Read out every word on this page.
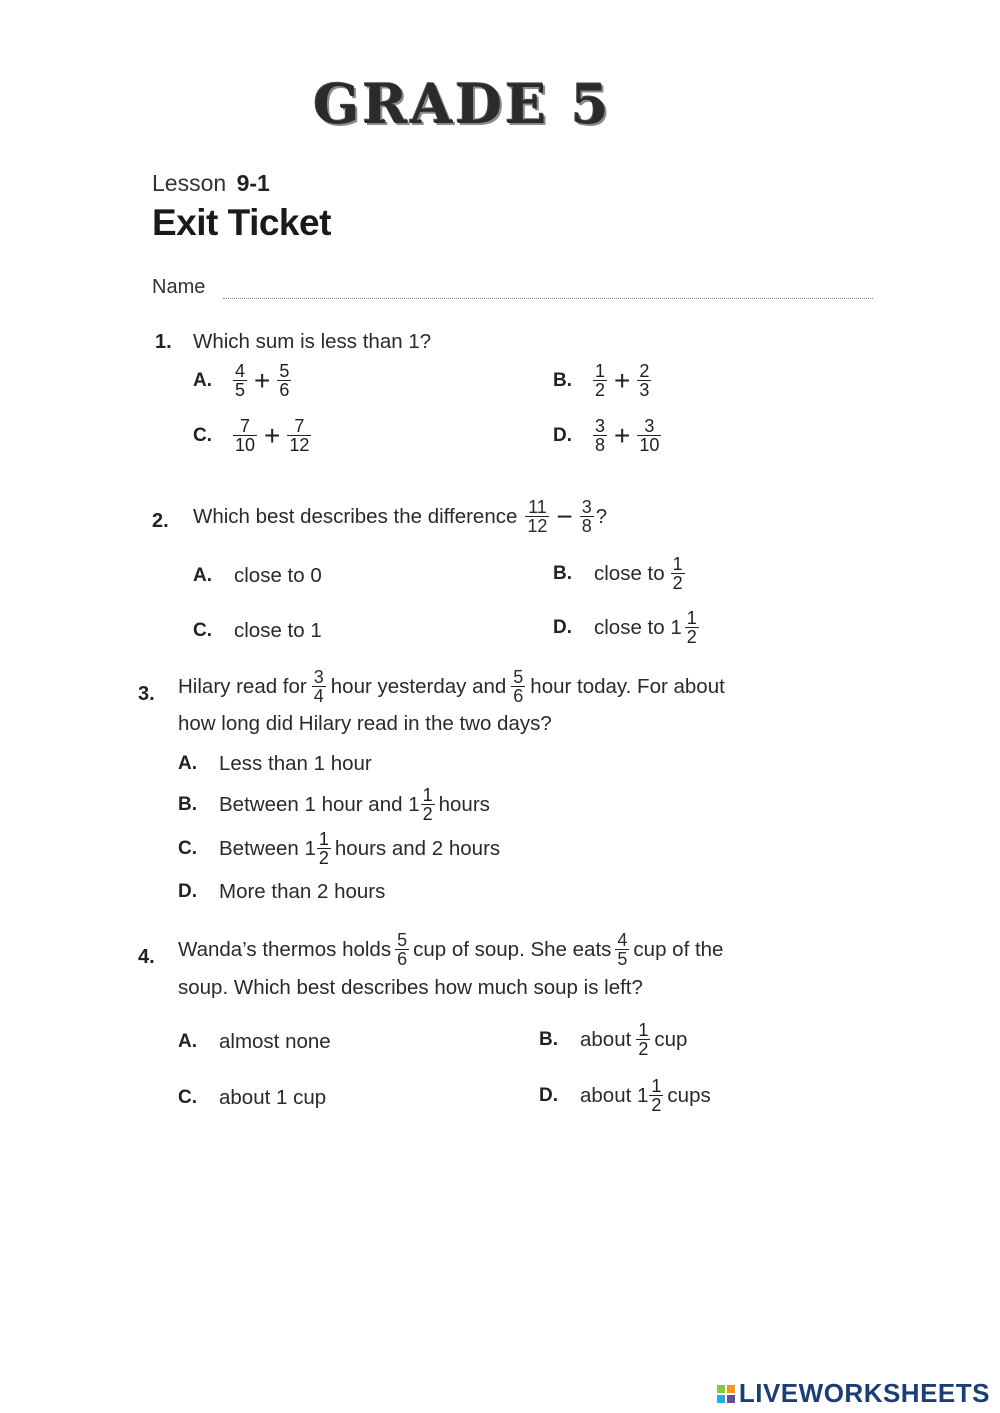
GRADE 5
Lesson 9-1
Exit Ticket
Name
1. Which sum is less than 1?
A.	$\frac{4}{5} + \frac{5}{6}$	B.	$\frac{1}{2} + \frac{2}{3}$
C.	$\frac{7}{10} + \frac{7}{12}$	D.	$\frac{3}{8} + \frac{3}{10}$
2. Which best describes the difference $\frac{11}{12} - \frac{3}{8}$ ?
A.	close to 0	B.	close to $\frac{1}{2}$
C.	close to 1	D.	close to $1 \frac{1}{2}$
3. Hilary read for $\frac{3}{4}$ hour yesterday and $\frac{5}{6}$ hour today. For about
how long did Hilary read in the two days?
A.	Less than 1 hour
B.	Between 1 hour and $1 \frac{1}{2}$ hours
C.	Between $1 \frac{1}{2}$ hours and 2 hours
D.	More than 2 hours
4. Wanda’s thermos holds $\frac{5}{6}$ cup of soup. She eats $\frac{4}{5}$ cup of the
soup. Which best describes how much soup is left?
A.	almost none	B.	about $\frac{1}{2}$ cup
C.	about 1 cup	D.	about $1 \frac{1}{2}$ cups
LIVEWORKSHEETS
